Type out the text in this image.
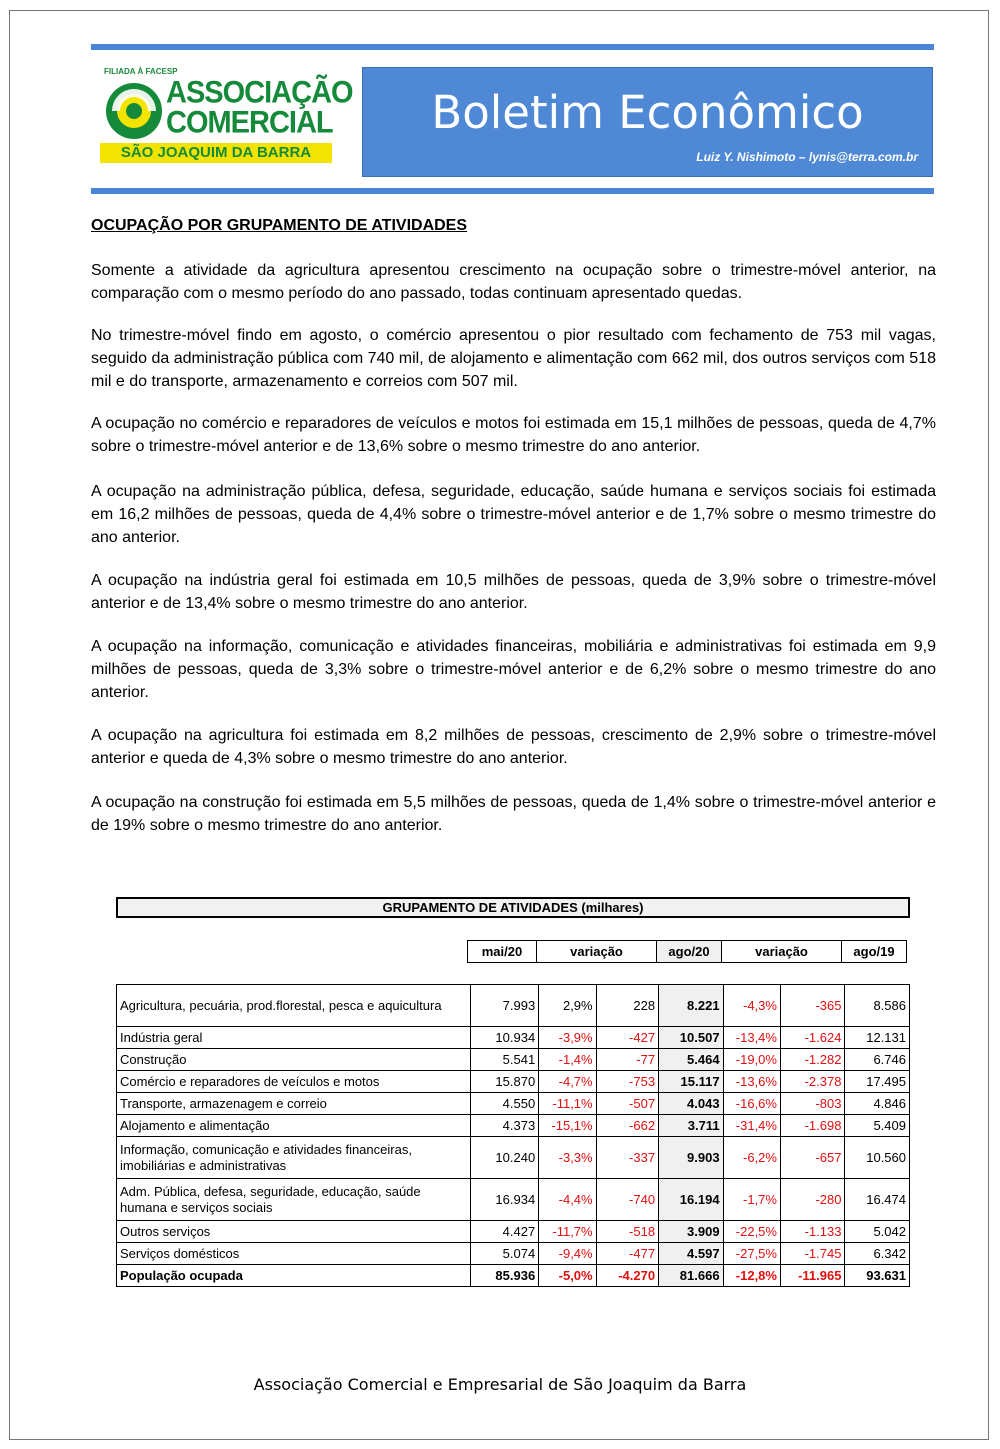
FILIADA À FACESP
ASSOCIAÇÃO
COMERCIAL
SÃO JOAQUIM DA BARRA
Boletim Econômico
Luiz Y. Nishimoto – lynis@terra.com.br
OCUPAÇÃO POR GRUPAMENTO DE ATIVIDADES
Somente a atividade da agricultura apresentou crescimento na ocupação sobre o trimestre-móvel anterior, na comparação com o mesmo período do ano passado, todas continuam apresentado quedas.
No trimestre-móvel findo em agosto, o comércio apresentou o pior resultado com fechamento de 753 mil vagas, seguido da administração pública com 740 mil, de alojamento e alimentação com 662 mil, dos outros serviços com 518 mil e do transporte, armazenamento e correios com 507 mil.
A ocupação no comércio e reparadores de veículos e motos foi estimada em 15,1 milhões de pessoas, queda de 4,7% sobre o trimestre-móvel anterior e de 13,6% sobre o mesmo trimestre do ano anterior.
A ocupação na administração pública, defesa, seguridade, educação, saúde humana e serviços sociais foi estimada em 16,2 milhões de pessoas, queda de 4,4% sobre o trimestre-móvel anterior e de 1,7% sobre o mesmo trimestre do ano anterior.
A ocupação na indústria geral foi estimada em 10,5 milhões de pessoas, queda de 3,9% sobre o trimestre-móvel anterior e de 13,4% sobre o mesmo trimestre do ano anterior.
A ocupação na informação, comunicação e atividades financeiras, mobiliária e administrativas foi estimada em 9,9 milhões de pessoas, queda de 3,3% sobre o trimestre-móvel anterior e de 6,2% sobre o mesmo trimestre do ano anterior.
A ocupação na agricultura foi estimada em 8,2 milhões de pessoas, crescimento de 2,9% sobre o trimestre-móvel anterior e queda de 4,3% sobre o mesmo trimestre do ano anterior.
A ocupação na construção foi estimada em 5,5 milhões de pessoas, queda de 1,4% sobre o trimestre-móvel anterior e de 19% sobre o mesmo trimestre do ano anterior.
GRUPAMENTO DE ATIVIDADES (milhares)
	mai/20	variação	ago/20	variação	ago/19
Agricultura, pecuária, prod.florestal, pesca e aquicultura	7.993	2,9%	228	8.221	-4,3%	-365	8.586
Indústria geral	10.934	-3,9%	-427	10.507	-13,4%	-1.624	12.131
Construção	5.541	-1,4%	-77	5.464	-19,0%	-1.282	6.746
Comércio e reparadores de veículos e motos	15.870	-4,7%	-753	15.117	-13,6%	-2.378	17.495
Transporte, armazenagem e correio	4.550	-11,1%	-507	4.043	-16,6%	-803	4.846
Alojamento e alimentação	4.373	-15,1%	-662	3.711	-31,4%	-1.698	5.409
Informação, comunicação e atividades financeiras, imobiliárias e administrativas	10.240	-3,3%	-337	9.903	-6,2%	-657	10.560
Adm. Pública, defesa, seguridade, educação, saúde humana e serviços sociais	16.934	-4,4%	-740	16.194	-1,7%	-280	16.474
Outros serviços	4.427	-11,7%	-518	3.909	-22,5%	-1.133	5.042
Serviços domésticos	5.074	-9,4%	-477	4.597	-27,5%	-1.745	6.342
População ocupada	85.936	-5,0%	-4.270	81.666	-12,8%	-11.965	93.631
Associação Comercial e Empresarial de São Joaquim da Barra
